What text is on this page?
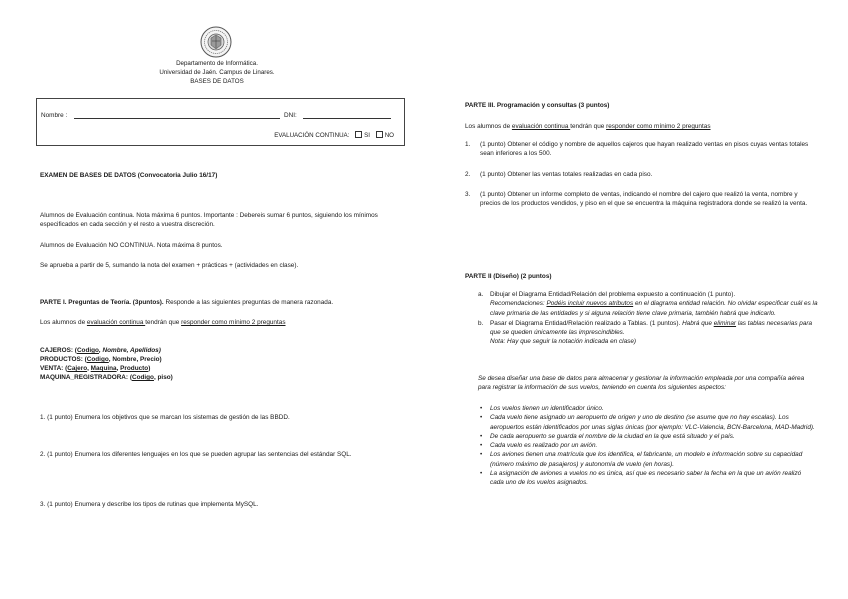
Departamento de Informática.
Universidad de Jaén. Campus de Linares.
BASES DE DATOS
Nombre :	DNI:
EVALUACIÓN CONTINUA: SI NO
EXAMEN DE BASES DE DATOS (Convocatoria Julio 16/17)
Alumnos de Evaluación continua. Nota máxima 6 puntos. Importante : Debereis sumar 6 puntos, siguiendo los mínimos especificados en cada sección y el resto a vuestra discreción.
Alumnos de Evaluación NO CONTINUA. Nota máxima 8 puntos.
Se aprueba a partir de 5, sumando la nota del examen + prácticas + (actividades en clase).
PARTE I. Preguntas de Teoría. (3puntos). Responde a las siguientes preguntas de manera razonada.
Los alumnos de evaluación continua tendrán que responder como mínimo 2 preguntas
CAJEROS: (Codigo, Nombre, Apellidos)
PRODUCTOS: (Codigo, Nombre, Precio)
VENTA: (Cajero, Maquina, Producto)
MAQUINA_REGISTRADORA: (Codigo, piso)
1. (1 punto) Enumera los objetivos que se marcan los sistemas de gestión de las BBDD.
2. (1 punto) Enumera los diferentes lenguajes en los que se pueden agrupar las sentencias del estándar SQL.
3. (1 punto) Enumera y describe los tipos de rutinas que implementa MySQL.
PARTE III. Programación y consultas (3 puntos)
Los alumnos de evaluación continua tendrán que responder como mínimo 2 preguntas
1. (1 punto) Obtener el código y nombre de aquellos cajeros que hayan realizado ventas en pisos cuyas ventas totales sean inferiores a los 500.
2. (1 punto) Obtener las ventas totales realizadas en cada piso.
3. (1 punto) Obtener un informe completo de ventas, indicando el nombre del cajero que realizó la venta, nombre y precios de los productos vendidos, y piso en el que se encuentra la máquina registradora donde se realizó la venta.
PARTE II (Diseño) (2 puntos)
a. Dibujar el Diagrama Entidad/Relación del problema expuesto a continuación (1 punto).
Recomendaciones: Podéis incluir nuevos atributos en el diagrama entidad relación. No olvidar especificar cuál es la clave primaria de las entidades y si alguna relación tiene clave primaria, también habrá que indicarlo.
b. Pasar el Diagrama Entidad/Relación realizado a Tablas. (1 puntos). Habrá que eliminar las tablas necesarias para que se queden únicamente las imprescindibles.
Nota: Hay que seguir la notación indicada en clase)
Se desea diseñar una base de datos para almacenar y gestionar la información empleada por una compañía aérea para registrar la información de sus vuelos, teniendo en cuenta los siguientes aspectos:
• Los vuelos tienen un identificador único.
• Cada vuelo tiene asignado un aeropuerto de origen y uno de destino (se asume que no hay escalas). Los aeropuertos están identificados por unas siglas únicas (por ejemplo: VLC-Valencia, BCN-Barcelona, MAD-Madrid).
• De cada aeropuerto se guarda el nombre de la ciudad en la que está situado y el país.
• Cada vuelo es realizado por un avión.
• Los aviones tienen una matrícula que los identifica, el fabricante, un modelo e información sobre su capacidad (número máximo de pasajeros) y autonomía de vuelo (en horas).
• La asignación de aviones a vuelos no es única, así que es necesario saber la fecha en la que un avión realizó cada uno de los vuelos asignados.
